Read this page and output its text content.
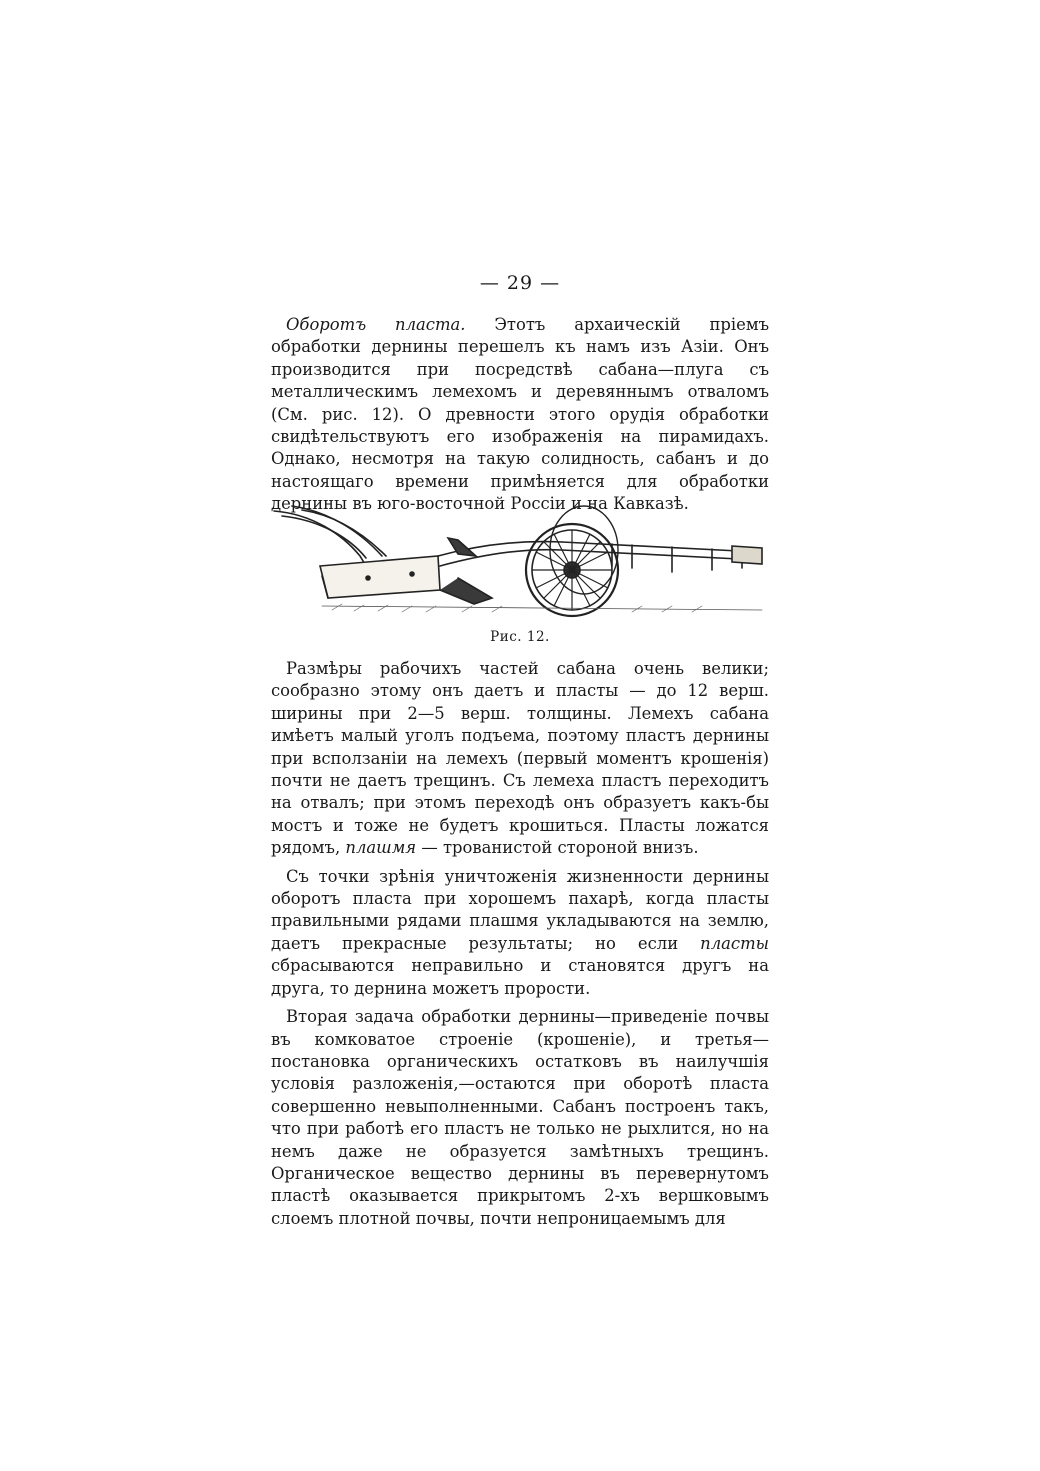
— 29 —

Оборотъ пласта. Этотъ архаическій пріемъ обработки дернины перешелъ къ намъ изъ Азіи. Онъ производится при посредствѣ сабана—плуга съ металлическимъ лемехомъ и деревяннымъ отваломъ (См. рис. 12). О древности этого орудія обработки свидѣтельствуютъ его изображенія на пирамидахъ. Однако, несмотря на такую солидность, сабанъ и до настоящаго времени примѣняется для обработки дернины въ юго-восточной Россіи и на Кавказѣ.

Рис. 12.

Размѣры рабочихъ частей сабана очень велики; сообразно этому онъ даетъ и пласты — до 12 верш. ширины при 2—5 верш. толщины. Лемехъ сабана имѣетъ малый уголъ подъема, поэтому пластъ дернины при всползаніи на лемехъ (первый моментъ крошенія) почти не даетъ трещинъ. Съ лемеха пластъ переходитъ на отвалъ; при этомъ переходѣ онъ образуетъ какъ-бы мостъ и тоже не будетъ крошиться. Пласты ложатся рядомъ, плашмя — трованистой стороной внизъ.

Съ точки зрѣнія уничтоженія жизненности дернины оборотъ пласта при хорошемъ пахарѣ, когда пласты правильными рядами плашмя укладываются на землю, даетъ прекрасные результаты; но если пласты сбрасываются неправильно и становятся другъ на друга, то дернина можетъ прорости.

Вторая задача обработки дернины—приведеніе почвы въ комковатое строеніе (крошеніе), и третья—постановка органическихъ остатковъ въ наилучшія условія разложенія,—остаются при оборотѣ пласта совершенно невыполненными. Сабанъ построенъ такъ, что при работѣ его пластъ не только не рыхлится, но на немъ даже не образуется замѣтныхъ трещинъ. Органическое вещество дернины въ перевернутомъ пластѣ оказывается прикрытомъ 2-хъ вершковымъ слоемъ плотной почвы, почти непроницаемымъ для
